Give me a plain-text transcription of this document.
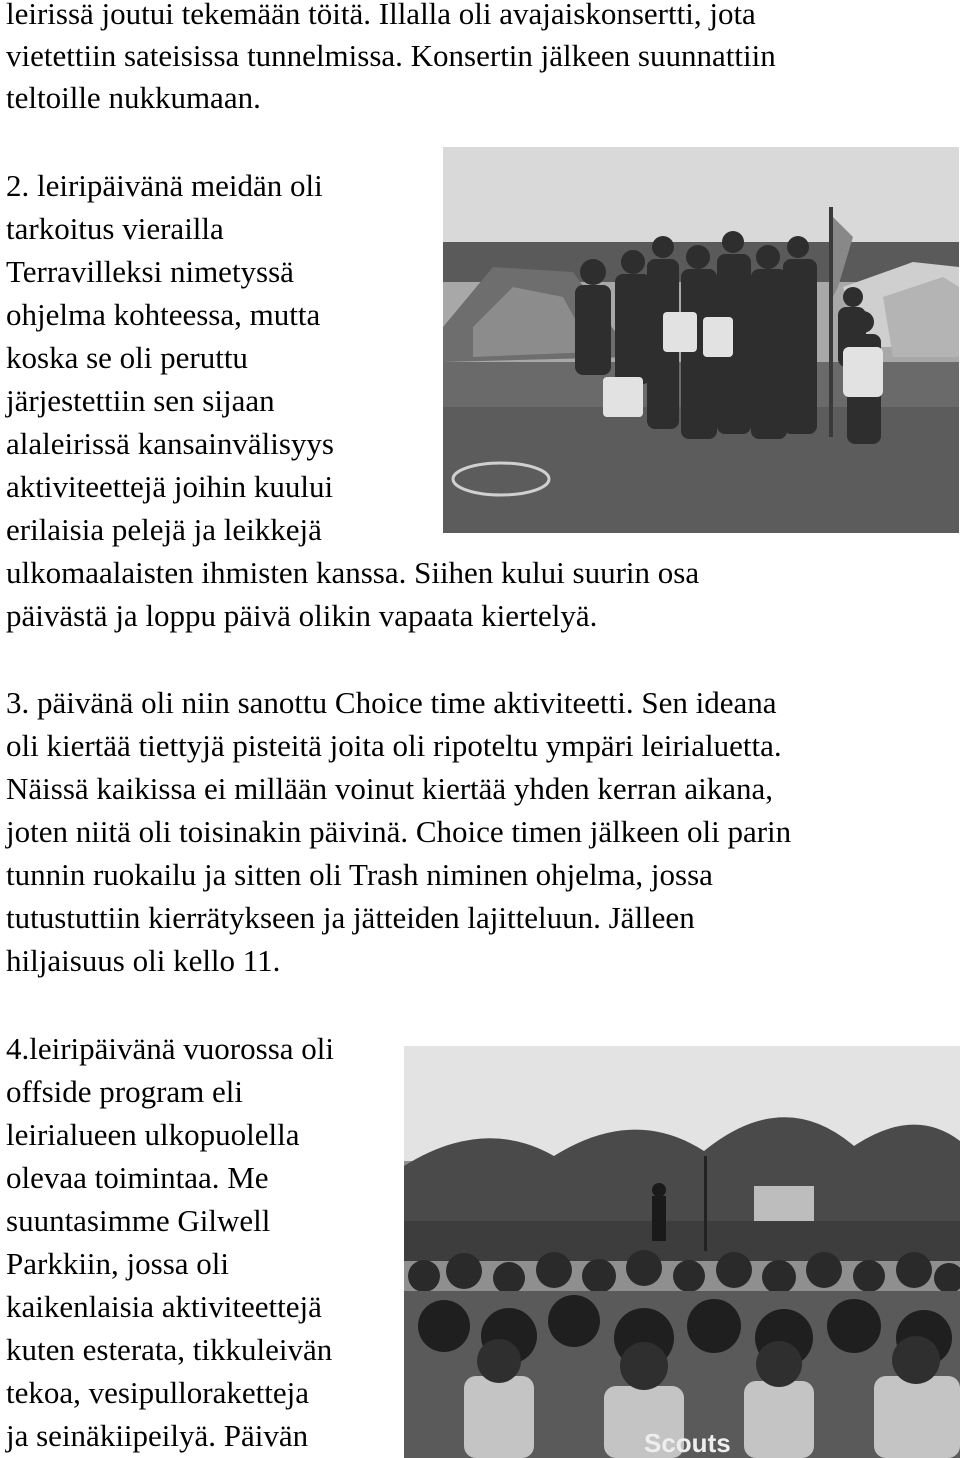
leirissä joutui tekemään töitä. Illalla oli avajaiskonsertti, jota
vietettiin sateisissa tunnelmissa. Konsertin jälkeen suunnattiin
teltoille nukkumaan.
2. leiripäivänä meidän oli
tarkoitus vierailla
Terravilleksi nimetyssä
ohjelma kohteessa, mutta
koska se oli peruttu
järjestettiin sen sijaan
alaleirissä kansainvälisyys
aktiviteettejä joihin kuului
erilaisia pelejä ja leikkejä
ulkomaalaisten ihmisten kanssa. Siihen kului suurin osa
päivästä ja loppu päivä olikin vapaata kiertelyä.
3. päivänä oli niin sanottu Choice time aktiviteetti. Sen ideana
oli kiertää tiettyjä pisteitä joita oli ripoteltu ympäri leirialuetta.
Näissä kaikissa ei millään voinut kiertää yhden kerran aikana,
joten niitä oli toisinakin päivinä. Choice timen jälkeen oli parin
tunnin ruokailu ja sitten oli Trash niminen ohjelma, jossa
tutustuttiin kierrätykseen ja jätteiden lajitteluun. Jälleen
hiljaisuus oli kello 11.
4.leiripäivänä vuorossa oli
offside program eli
leirialueen ulkopuolella
olevaa toimintaa. Me
suuntasimme Gilwell
Parkkiin, jossa oli
kaikenlaisia aktiviteettejä
kuten esterata, tikkuleivän
tekoa, vesipullorakettejа
ja seinäkiipeilyä. Päivän	Scouts
